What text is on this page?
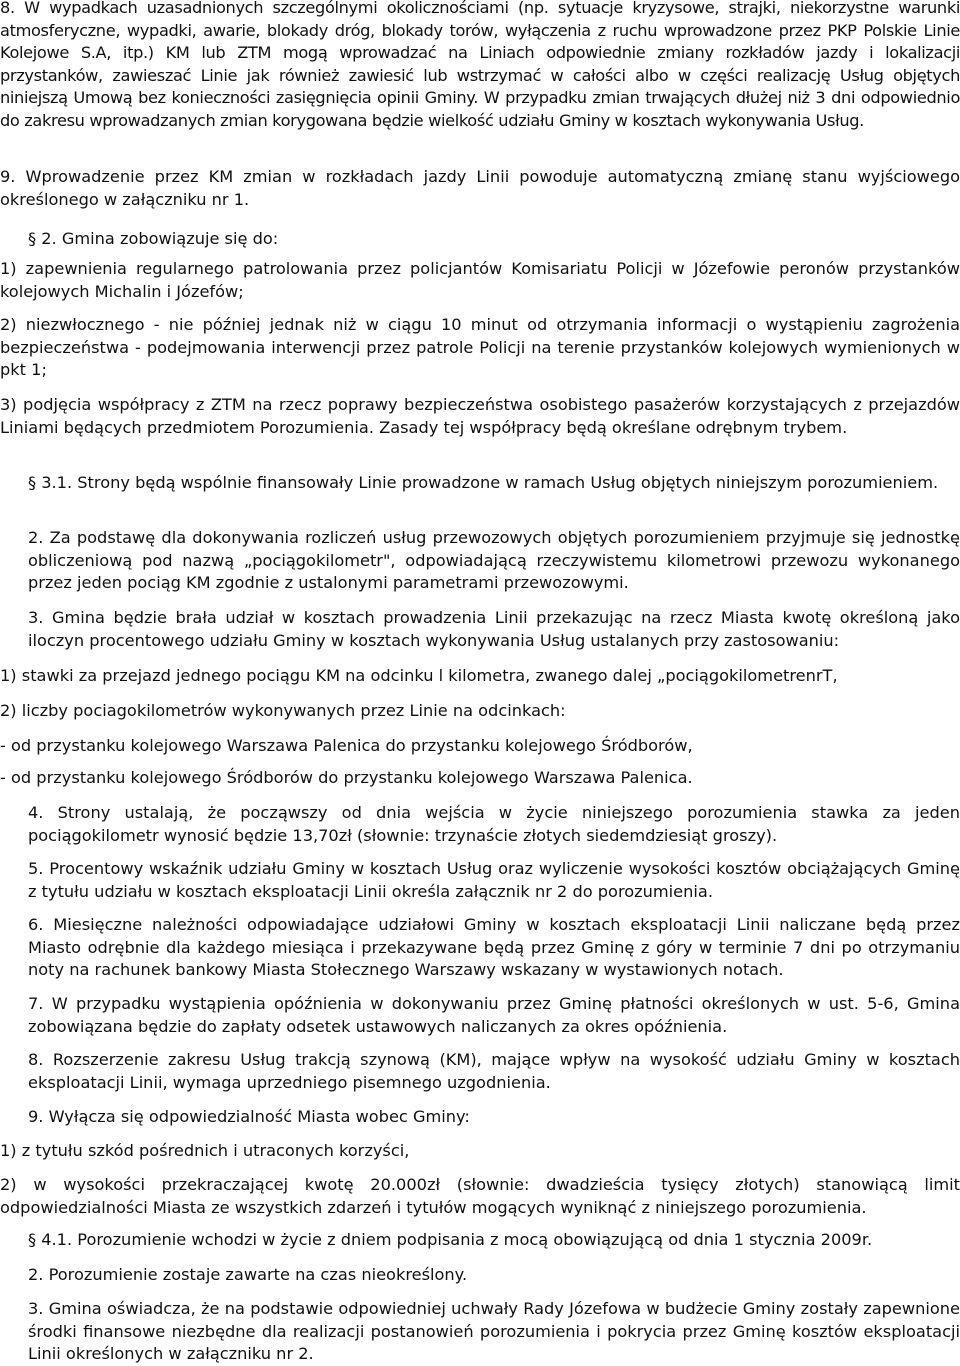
8. W wypadkach uzasadnionych szczególnymi okolicznościami (np. sytuacje kryzysowe, strajki, niekorzystne warunki atmosferyczne, wypadki, awarie, blokady dróg, blokady torów, wyłączenia z ruchu wprowadzone przez PKP Polskie Linie Kolejowe S.A, itp.) KM lub ZTM mogą wprowadzać na Liniach odpowiednie zmiany rozkładów jazdy i lokalizacji przystanków, zawieszać Linie jak również zawiesić lub wstrzymać w całości albo w części realizację Usług objętych niniejszą Umową bez konieczności zasięgnięcia opinii Gminy. W przypadku zmian trwających dłużej niż 3 dni odpowiednio do zakresu wprowadzanych zmian korygowana będzie wielkość udziału Gminy w kosztach wykonywania Usług.

9. Wprowadzenie przez KM zmian w rozkładach jazdy Linii powoduje automatyczną zmianę stanu wyjściowego określonego w załączniku nr 1.

§ 2. Gmina zobowiązuje się do:

1) zapewnienia regularnego patrolowania przez policjantów Komisariatu Policji w Józefowie peronów przystanków kolejowych Michalin i Józefów;

2) niezwłocznego - nie później jednak niż w ciągu 10 minut od otrzymania informacji o wystąpieniu zagrożenia bezpieczeństwa - podejmowania interwencji przez patrole Policji na terenie przystanków kolejowych wymienionych w pkt 1;

3) podjęcia współpracy z ZTM na rzecz poprawy bezpieczeństwa osobistego pasażerów korzystających z przejazdów Liniami będących przedmiotem Porozumienia. Zasady tej współpracy będą określane odrębnym trybem.

§ 3.1. Strony będą wspólnie finansowały Linie prowadzone w ramach Usług objętych niniejszym porozumieniem.

2. Za podstawę dla dokonywania rozliczeń usług przewozowych objętych porozumieniem przyjmuje się jednostkę obliczeniową pod nazwą „pociągokilometr", odpowiadającą rzeczywistemu kilometrowi przewozu wykonanego przez jeden pociąg KM zgodnie z ustalonymi parametrami przewozowymi.

3. Gmina będzie brała udział w kosztach prowadzenia Linii przekazując na rzecz Miasta kwotę określoną jako iloczyn procentowego udziału Gminy w kosztach wykonywania Usług ustalanych przy zastosowaniu:

1) stawki za przejazd jednego pociągu KM na odcinku l kilometra, zwanego dalej „pociągokilometrenrT,

2) liczby pociagokilometrów wykonywanych przez Linie na odcinkach:

- od przystanku kolejowego Warszawa Palenica do przystanku kolejowego Śródborów,

- od przystanku kolejowego Śródborów do przystanku kolejowego Warszawa Palenica.

4. Strony ustalają, że począwszy od dnia wejścia w życie niniejszego porozumienia stawka za jeden pociągokilometr wynosić będzie 13,70zł (słownie: trzynaście złotych siedemdziesiąt groszy).

5. Procentowy wskaźnik udziału Gminy w kosztach Usług oraz wyliczenie wysokości kosztów obciążających Gminę z tytułu udziału w kosztach eksploatacji Linii określa załącznik nr 2 do porozumienia.

6. Miesięczne należności odpowiadające udziałowi Gminy w kosztach eksploatacji Linii naliczane będą przez Miasto odrębnie dla każdego miesiąca i przekazywane będą przez Gminę z góry w terminie 7 dni po otrzymaniu noty na rachunek bankowy Miasta Stołecznego Warszawy wskazany w wystawionych notach.

7. W przypadku wystąpienia opóźnienia w dokonywaniu przez Gminę płatności określonych w ust. 5-6, Gmina zobowiązana będzie do zapłaty odsetek ustawowych naliczanych za okres opóźnienia.

8. Rozszerzenie zakresu Usług trakcją szynową (KM), mające wpływ na wysokość udziału Gminy w kosztach eksploatacji Linii, wymaga uprzedniego pisemnego uzgodnienia.

9. Wyłącza się odpowiedzialność Miasta wobec Gminy:

1) z tytułu szkód pośrednich i utraconych korzyści,

2) w wysokości przekraczającej kwotę 20.000zł (słownie: dwadzieścia tysięcy złotych) stanowiącą limit odpowiedzialności Miasta ze wszystkich zdarzeń i tytułów mogących wyniknąć z niniejszego porozumienia.

§ 4.1. Porozumienie wchodzi w życie z dniem podpisania z mocą obowiązującą od dnia 1 stycznia 2009r.

2. Porozumienie zostaje zawarte na czas nieokreślony.

3. Gmina oświadcza, że na podstawie odpowiedniej uchwały Rady Józefowa w budżecie Gminy zostały zapewnione środki finansowe niezbędne dla realizacji postanowień porozumienia i pokrycia przez Gminę kosztów eksploatacji Linii określonych w załączniku nr 2.
